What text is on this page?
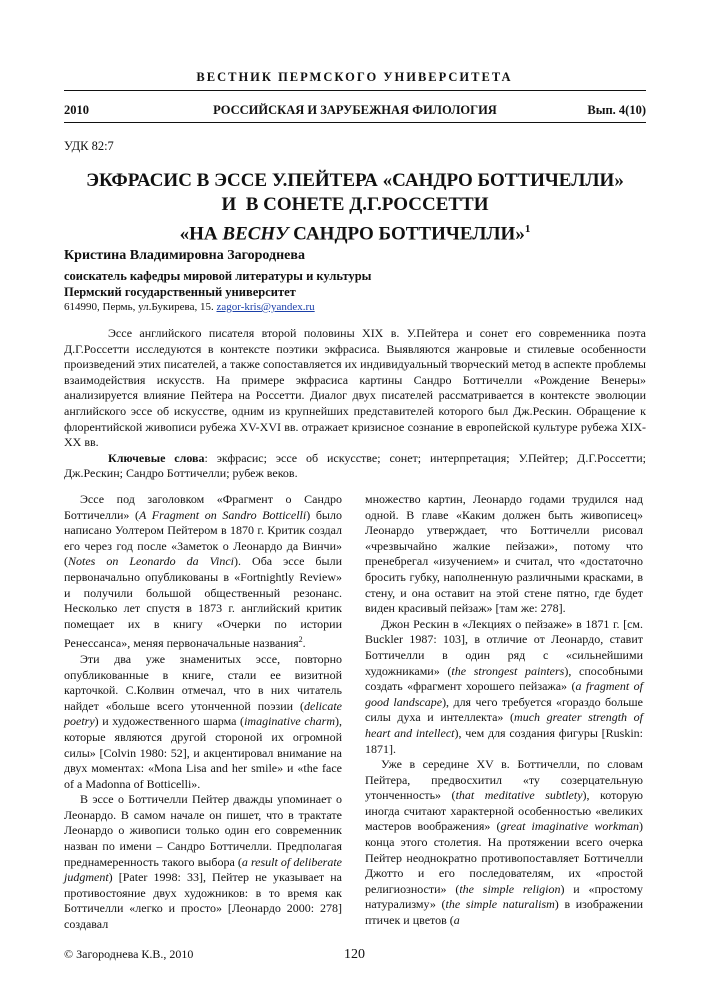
ВЕСТНИК ПЕРМСКОГО УНИВЕРСИТЕТА
2010	РОССИЙСКАЯ И ЗАРУБЕЖНАЯ ФИЛОЛОГИЯ	Вып. 4(10)
УДК 82:7
ЭКФРАСИС В ЭССЕ У.ПЕЙТЕРА «САНДРО БОТТИЧЕЛЛИ»
И  В СОНЕТЕ Д.Г.РОССЕТТИ
«НА ВЕСНУ САНДРО БОТТИЧЕЛЛИ»$^1$
Кристина Владимировна Загороднева
соискатель кафедры мировой литературы и культуры
Пермский государственный университет
614990, Пермь, ул.Букирева, 15. zagor-kris@yandex.ru

Эссе английского писателя второй половины XIX в. У.Пейтера и сонет его современника поэта Д.Г.Россетти исследуются в контексте поэтики экфрасиса. Выявляются жанровые и стилевые особенности произведений этих писателей, а также сопоставляется их индивидуальный творческий метод в аспекте проблемы взаимодействия искусств. На примере экфрасиса картины Сандро Боттичелли «Рождение Венеры» анализируется влияние Пейтера на Россетти. Диалог двух писателей рассматривается в контексте эволюции английского эссе об искусстве, одним из крупнейших представителей которого был Дж.Рескин. Обращение к флорентийской живописи рубежа XV-XVI вв. отражает кризисное сознание в европейской культуре рубежа XIX-XX вв.

Ключевые слова: экфрасис; эссе об искусстве; сонет; интерпретация; У.Пейтер; Д.Г.Россетти; Дж.Рескин; Сандро Боттичелли; рубеж веков.

Эссе под заголовком «Фрагмент о Сандро Боттичелли» (A Fragment on Sandro Botticelli) было написано Уолтером Пейтером в 1870 г. Критик создал его через год после «Заметок о Леонардо да Винчи» (Notes on Leonardo da Vinci). Оба эссе были первоначально опубликованы в «Fortnightly Review» и получили большой общественный резонанс. Несколько лет спустя в 1873 г. английский критик помещает их в книгу «Очерки по истории Ренессанса», меняя первоначальные названия$^2$.

Эти два уже знаменитых эссе, повторно опубликованные в книге, стали ее визитной карточкой. С.Колвин отмечал, что в них читатель найдет «больше всего утонченной поэзии (delicate poetry) и художественного шарма (imaginative charm), которые являются другой стороной их огромной силы» [Colvin 1980: 52], и акцентировал внимание на двух моментах: «Mona Lisa and her smile» и «the face of a Madonna of Botticelli».

В эссе о Боттичелли Пейтер дважды упоминает о Леонардо. В самом начале он пишет, что в трактате Леонардо о живописи только один его современник назван по имени – Сандро Боттичелли. Предполагая преднамеренность такого выбора (a result of deliberate judgment) [Pater 1998: 33], Пейтер не указывает на противостояние двух художников: в то время как Боттичелли «легко и просто» [Леонардо 2000: 278] создавал

множество картин, Леонардо годами трудился над одной. В главе «Каким должен быть живописец» Леонардо утверждает, что Боттичелли рисовал «чрезвычайно жалкие пейзажи», потому что пренебрегал «изучением» и считал, что «достаточно бросить губку, наполненную различными красками, в стену, и она оставит на этой стене пятно, где будет виден красивый пейзаж» [там же: 278].

Джон Рескин в «Лекциях о пейзаже» в 1871 г. [см. Buckler 1987: 103], в отличие от Леонардо, ставит Боттичелли в один ряд с «сильнейшими художниками» (the strongest painters), способными создать «фрагмент хорошего пейзажа» (a fragment of good landscape), для чего требуется «гораздо больше силы духа и интеллекта» (much greater strength of heart and intellect), чем для создания фигуры [Ruskin: 1871].

Уже в середине XV в. Боттичелли, по словам Пейтера, предвосхитил «ту созерцательную утонченность» (that meditative subtlety), которую иногда считают характерной особенностью «великих мастеров воображения» (great imaginative workman) конца этого столетия. На протяжении всего очерка Пейтер неоднократно противопоставляет Боттичелли Джотто и его последователям, их «простой религиозности» (the simple religion) и «простому натурализму» (the simple naturalism) в изображении птичек и цветов (a

© Загороднева К.В., 2010	120
